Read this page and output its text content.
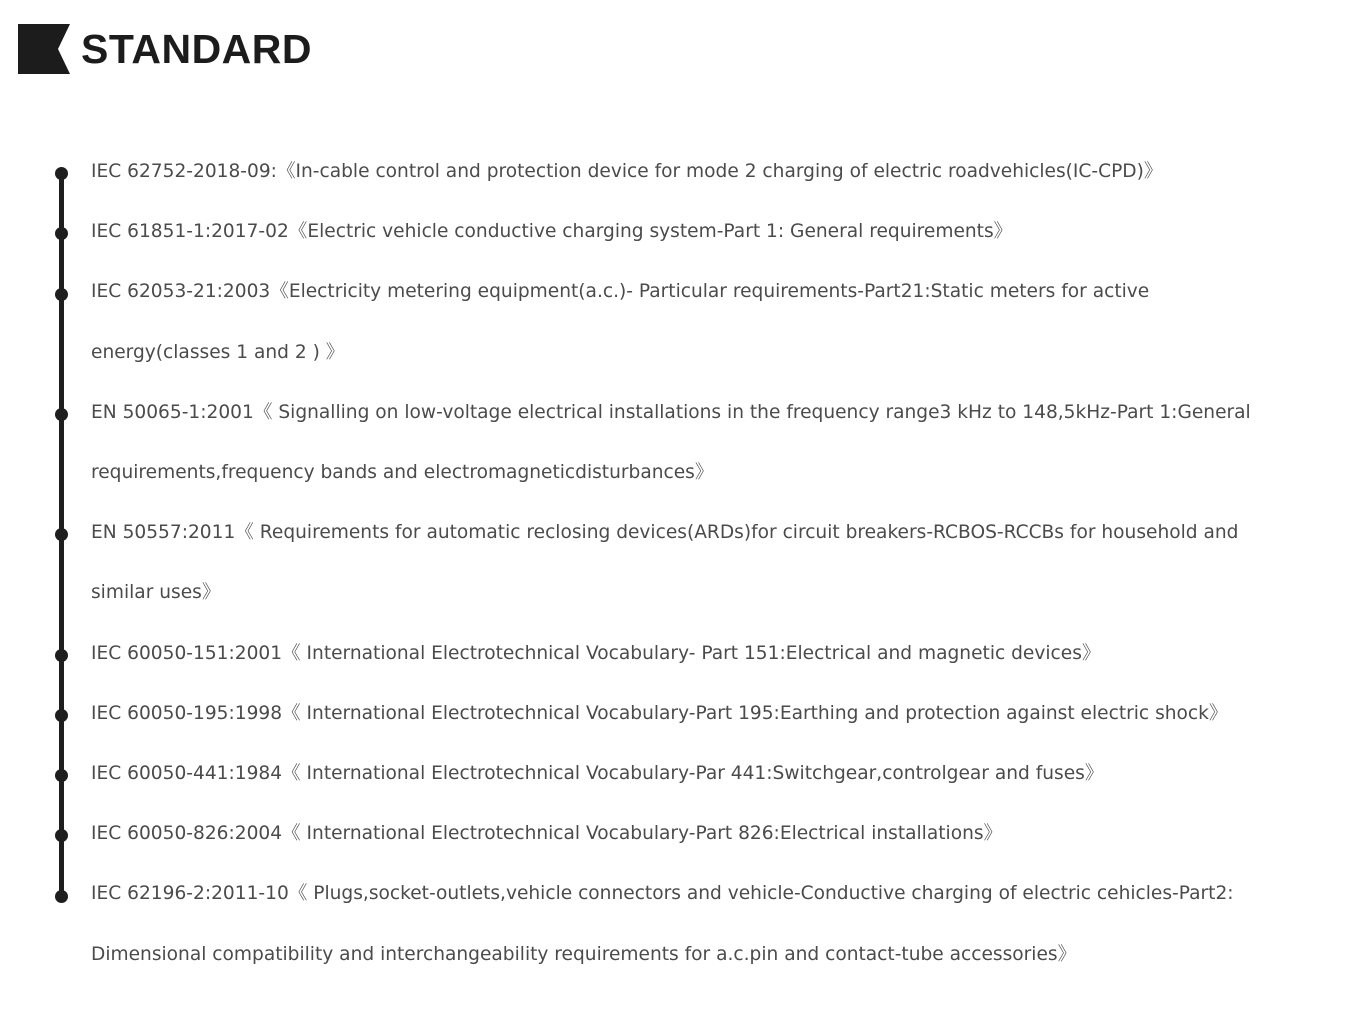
STANDARD
IEC 62752-2018-09:《In-cable control and protection device for mode 2 charging of electric roadvehicles(IC-CPD)》
IEC 61851-1:2017-02《Electric vehicle conductive charging system-Part 1: General requirements》
IEC 62053-21:2003《Electricity metering equipment(a.c.)- Particular requirements-Part21:Static meters for active
energy(classes 1 and 2 ) 》
EN 50065-1:2001《 Signalling on low-voltage electrical installations in the frequency range3 kHz to 148,5kHz-Part 1:General
requirements,frequency bands and electromagneticdisturbances》
EN 50557:2011《 Requirements for automatic reclosing devices(ARDs)for circuit breakers-RCBOS-RCCBs for household and
similar uses》
IEC 60050-151:2001《 International Electrotechnical Vocabulary- Part 151:Electrical and magnetic devices》
IEC 60050-195:1998《 International Electrotechnical Vocabulary-Part 195:Earthing and protection against electric shock》
IEC 60050-441:1984《 International Electrotechnical Vocabulary-Par 441:Switchgear,controlgear and fuses》
IEC 60050-826:2004《 International Electrotechnical Vocabulary-Part 826:Electrical installations》
IEC 62196-2:2011-10《 Plugs,socket-outlets,vehicle connectors and vehicle-Conductive charging of electric cehicles-Part2:
Dimensional compatibility and interchangeability requirements for a.c.pin and contact-tube accessories》
